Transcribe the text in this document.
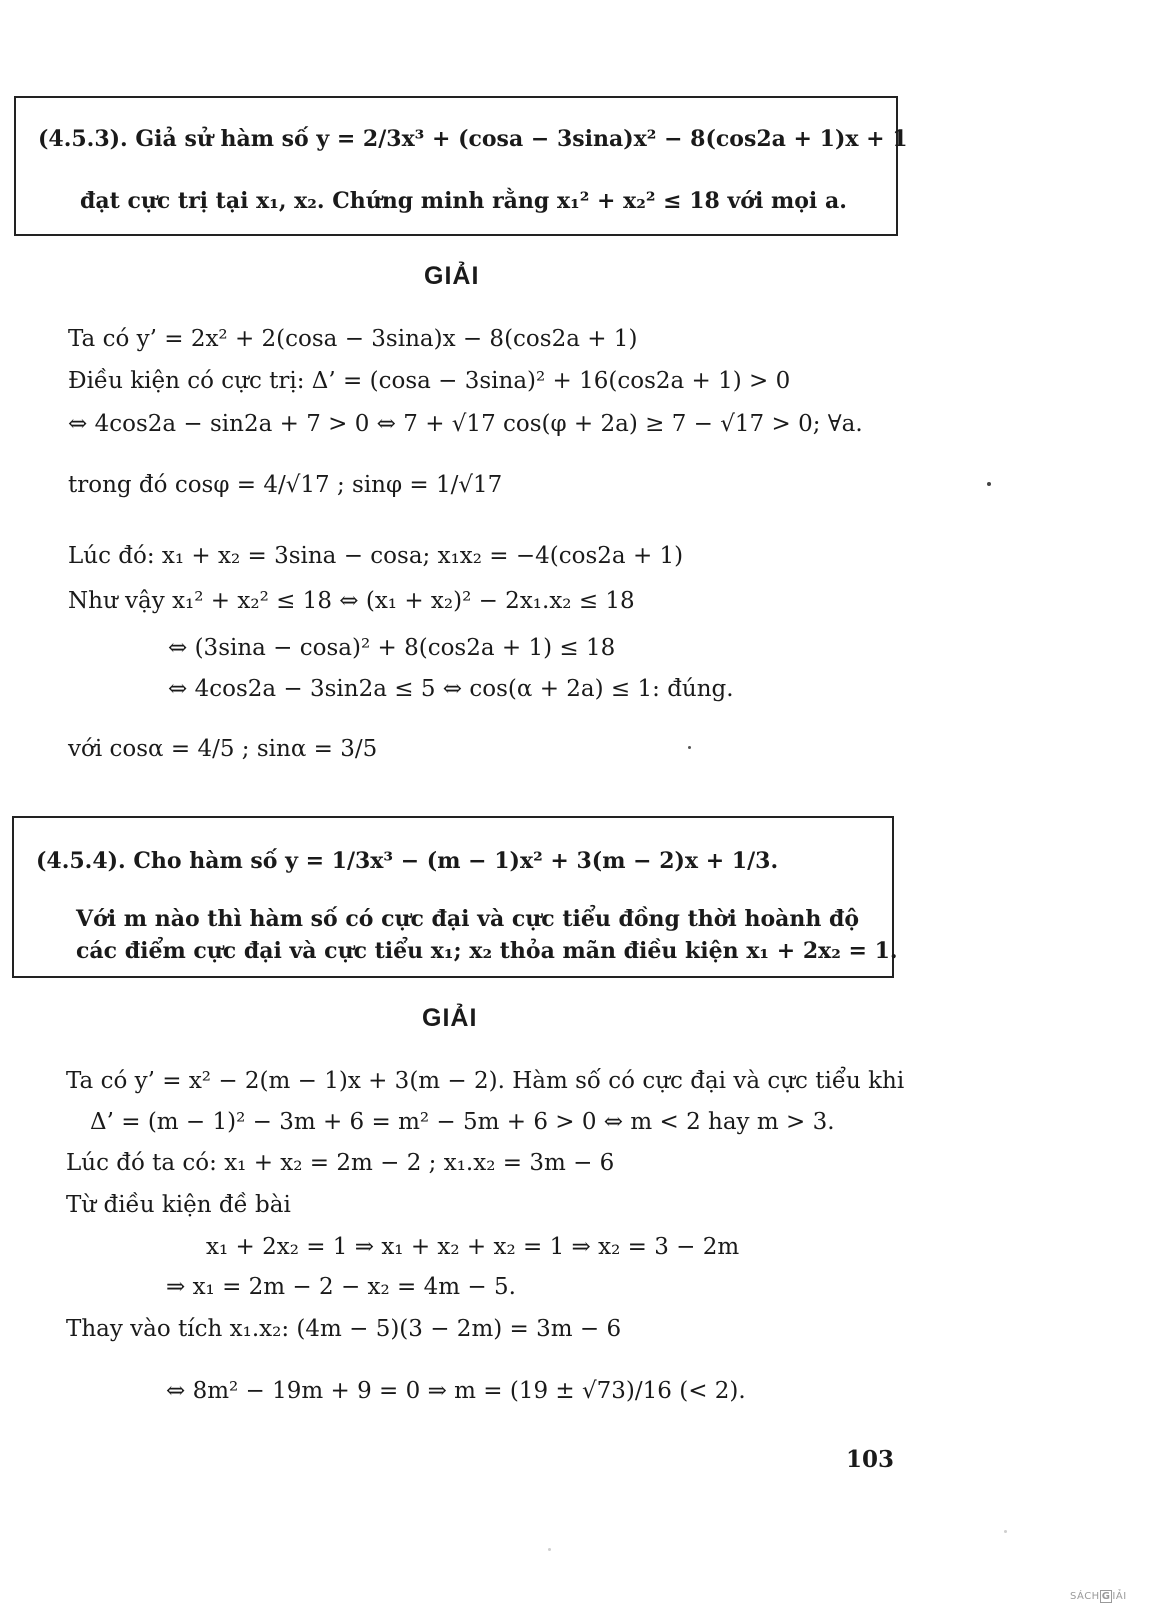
(4.5.3). Giả sử hàm số y = 2/3x³ + (cosa − 3sina)x² − 8(cos2a + 1)x + 1
đạt cực trị tại x₁, x₂. Chứng minh rằng x₁² + x₂² ≤ 18 với mọi a.
GIẢI
Ta có y’ = 2x² + 2(cosa − 3sina)x − 8(cos2a + 1)
Điều kiện có cực trị: Δ’ = (cosa − 3sina)² + 16(cos2a + 1) > 0
⇔ 4cos2a − sin2a + 7 > 0 ⇔ 7 + √17 cos(φ + 2a) ≥ 7 − √17 > 0; ∀a.
trong đó cosφ = 4/√17 ; sinφ = 1/√17
Lúc đó: x₁ + x₂ = 3sina − cosa; x₁x₂ = −4(cos2a + 1)
Như vậy x₁² + x₂² ≤ 18 ⇔ (x₁ + x₂)² − 2x₁.x₂ ≤ 18
⇔ (3sina − cosa)² + 8(cos2a + 1) ≤ 18
⇔ 4cos2a − 3sin2a ≤ 5 ⇔ cos(α + 2a) ≤ 1: đúng.
với cosα = 4/5 ; sinα = 3/5
(4.5.4). Cho hàm số y = 1/3x³ − (m − 1)x² + 3(m − 2)x + 1/3.
Với m nào thì hàm số có cực đại và cực tiểu đồng thời hoành độ
các điểm cực đại và cực tiểu x₁; x₂ thỏa mãn điều kiện x₁ + 2x₂ = 1.
GIẢI
Ta có y’ = x² − 2(m − 1)x + 3(m − 2). Hàm số có cực đại và cực tiểu khi
Δ’ = (m − 1)² − 3m + 6 = m² − 5m + 6 > 0 ⇔ m < 2 hay m > 3.
Lúc đó ta có: x₁ + x₂ = 2m − 2 ; x₁.x₂ = 3m − 6
Từ điều kiện đề bài
x₁ + 2x₂ = 1 ⇒ x₁ + x₂ + x₂ = 1 ⇒ x₂ = 3 − 2m
⇒ x₁ = 2m − 2 − x₂ = 4m − 5.
Thay vào tích x₁.x₂: (4m − 5)(3 − 2m) = 3m − 6
⇔ 8m² − 19m + 9 = 0 ⇒ m = (19 ± √73)/16 (< 2).
103
SÁCH G IẢI
